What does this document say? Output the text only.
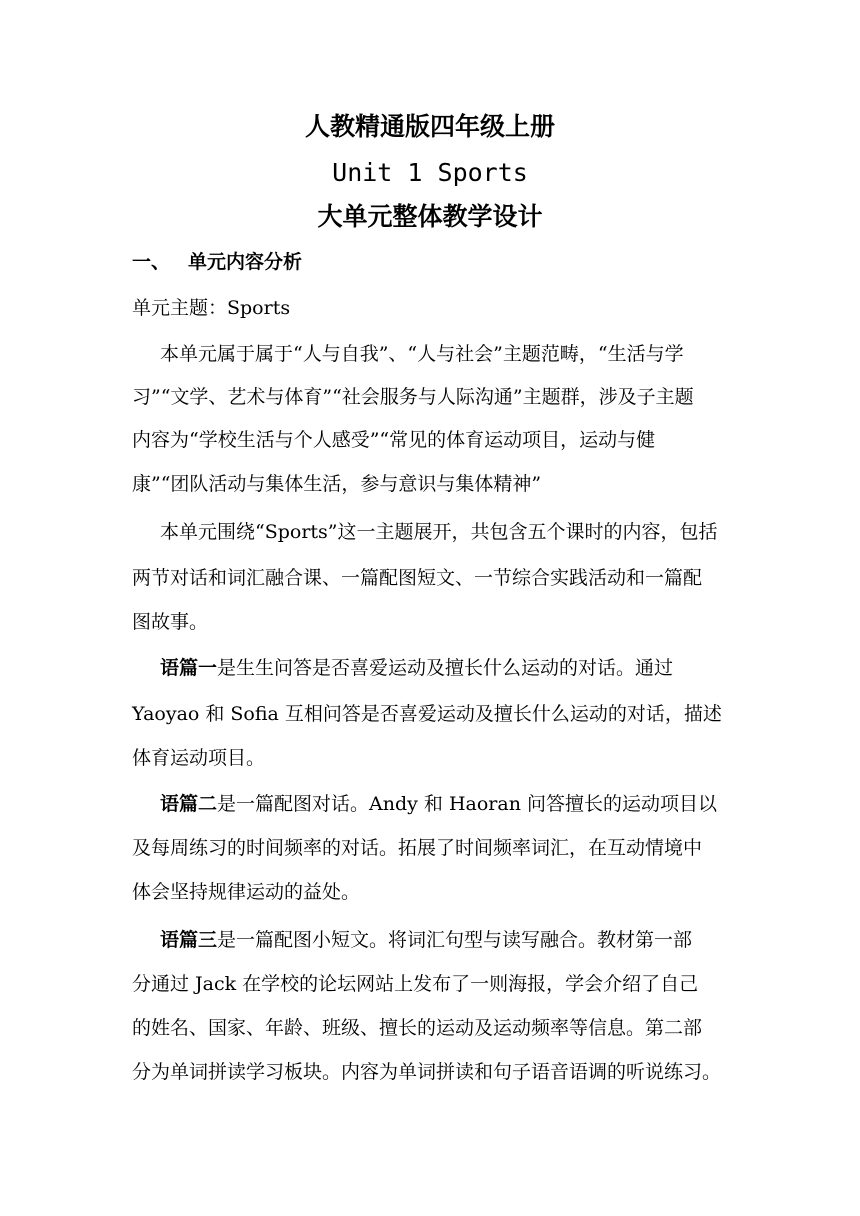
人教精通版四年级上册
Unit 1 Sports
大单元整体教学设计
一、 单元内容分析
单元主题：Sports
本单元属于属于“人与自我”、“人与社会”主题范畴，“生活与学
习”“文学、艺术与体育”“社会服务与人际沟通”主题群，涉及子主题
内容为“学校生活与个人感受”“常见的体育运动项目，运动与健
康”“团队活动与集体生活，参与意识与集体精神”
本单元围绕“Sports”这一主题展开，共包含五个课时的内容，包括
两节对话和词汇融合课、一篇配图短文、一节综合实践活动和一篇配
图故事。
语篇一是生生问答是否喜爱运动及擅长什么运动的对话。通过
Yaoyao 和 Sofia 互相问答是否喜爱运动及擅长什么运动的对话，描述
体育运动项目。
语篇二是一篇配图对话。Andy 和 Haoran 问答擅长的运动项目以
及每周练习的时间频率的对话。拓展了时间频率词汇，在互动情境中
体会坚持规律运动的益处。
语篇三是一篇配图小短文。将词汇句型与读写融合。教材第一部
分通过 Jack 在学校的论坛网站上发布了一则海报，学会介绍了自己
的姓名、国家、年龄、班级、擅长的运动及运动频率等信息。第二部
分为单词拼读学习板块。内容为单词拼读和句子语音语调的听说练习。
